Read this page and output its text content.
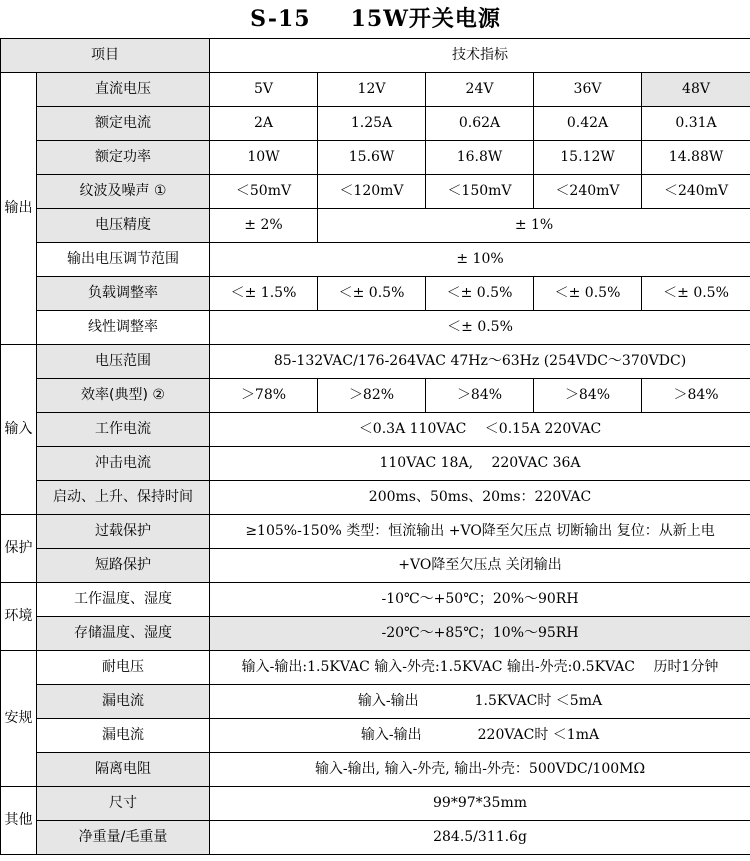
S-15 15W开关电源						
项目		技术指标				
输出	直流电压	5V	12V	24V	36V	48V
	额定电流	2A	1.25A	0.62A	0.42A	0.31A
	额定功率	10W	15.6W	16.8W	15.12W	14.88W
	纹波及噪声 ①	＜50mV	＜120mV	＜150mV	＜240mV	＜240mV
	电压精度	± 2%	± 1%			
	输出电压调节范围	± 10%				
	负载调整率	＜± 1.5%	＜± 0.5%	＜± 0.5%	＜± 0.5%	＜± 0.5%
	线性调整率	＜± 0.5%				
输入	电压范围	85-132VAC/176-264VAC 47Hz～63Hz (254VDC～370VDC)				
	效率(典型) ②	＞78%	＞82%	＞84%	＞84%	＞84%
	工作电流	＜0.3A 110VAC　 ＜0.15A 220VAC				
	冲击电流	110VAC 18A,　 220VAC 36A				
	启动、上升、保持时间	200ms、50ms、20ms：220VAC				
保护	过载保护	≥105%-150% 类型：恒流输出 +VO降至欠压点 切断输出 复位：从新上电				
	短路保护	+VO降至欠压点 关闭输出				
环境	工作温度、湿度	-10℃～+50℃；20%～90RH				
	存储温度、湿度	-20℃～+85℃；10%～95RH				
安规	耐电压	输入-输出:1.5KVAC 输入-外壳:1.5KVAC 输出-外壳:0.5KVAC　 历时1分钟				
	漏电流	输入-输出　　　　1.5KVAC时 ＜5mA				
	漏电流	输入-输出　　　　220VAC时 ＜1mA				
	隔离电阻	输入-输出, 输入-外壳, 输出-外壳：500VDC/100MΩ				
其他	尺寸	99*97*35mm				
	净重量/毛重量	284.5/311.6g				
